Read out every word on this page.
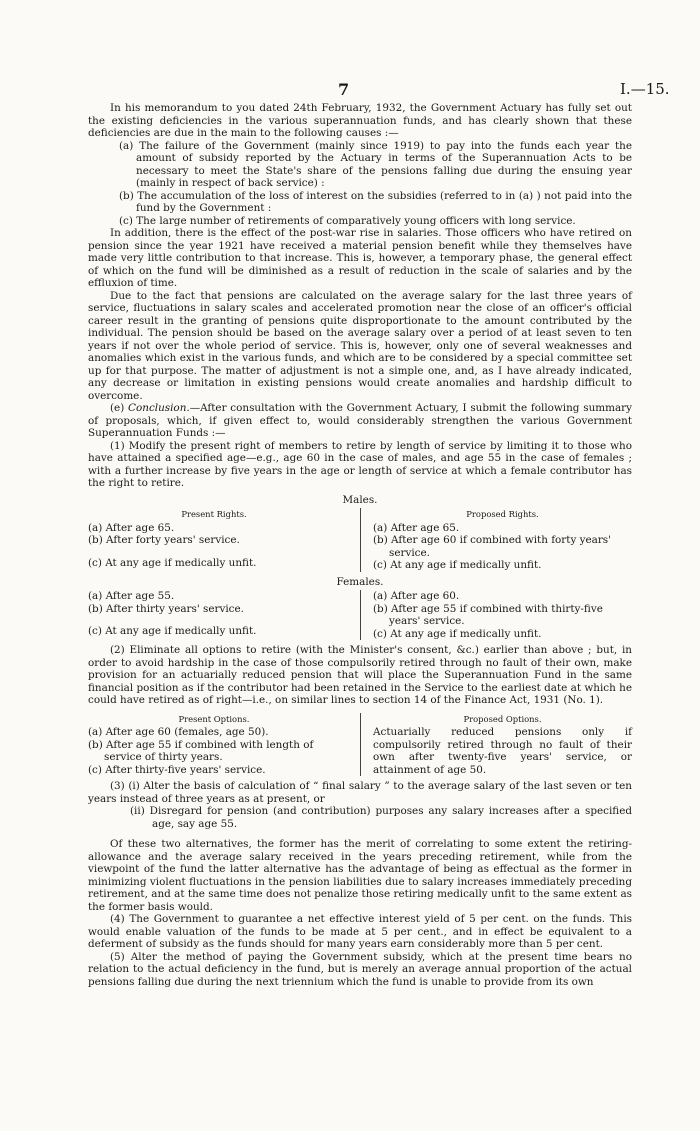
7	I.—15.

In his memorandum to you dated 24th February, 1932, the Government Actuary has fully set out the existing deficiencies in the various superannuation funds, and has clearly shown that these deficiencies are due in the main to the following causes :—

(a) The failure of the Government (mainly since 1919) to pay into the funds each year the amount of subsidy reported by the Actuary in terms of the Superannuation Acts to be necessary to meet the State's share of the pensions falling due during the ensuing year (mainly in respect of back service) :

(b) The accumulation of the loss of interest on the subsidies (referred to in (a) ) not paid into the fund by the Government :

(c) The large number of retirements of comparatively young officers with long service.

In addition, there is the effect of the post-war rise in salaries. Those officers who have retired on pension since the year 1921 have received a material pension benefit while they themselves have made very little contribution to that increase. This is, however, a temporary phase, the general effect of which on the fund will be diminished as a result of reduction in the scale of salaries and by the effluxion of time.

Due to the fact that pensions are calculated on the average salary for the last three years of service, fluctuations in salary scales and accelerated promotion near the close of an officer's official career result in the granting of pensions quite disproportionate to the amount contributed by the individual. The pension should be based on the average salary over a period of at least seven to ten years if not over the whole period of service. This is, however, only one of several weaknesses and anomalies which exist in the various funds, and which are to be considered by a special committee set up for that purpose. The matter of adjustment is not a simple one, and, as I have already indicated, any decrease or limitation in existing pensions would create anomalies and hardship difficult to overcome.

(e) Conclusion.—After consultation with the Government Actuary, I submit the following summary of proposals, which, if given effect to, would considerably strengthen the various Government Superannuation Funds :—

(1) Modify the present right of members to retire by length of service by limiting it to those who have attained a specified age—e.g., age 60 in the case of males, and age 55 in the case of females ; with a further increase by five years in the age or length of service at which a female contributor has the right to retire.

Males.
Present Rights.
(a) After age 65.
(b) After forty years' service.
(c) At any age if medically unfit.
Proposed Rights.
(a) After age 65.
(b) After age 60 if combined with forty years' service.
(c) At any age if medically unfit.
Females.
(a) After age 55.
(b) After thirty years' service.
(c) At any age if medically unfit.
(a) After age 60.
(b) After age 55 if combined with thirty-five years' service.
(c) At any age if medically unfit.

(2) Eliminate all options to retire (with the Minister's consent, &c.) earlier than above ; but, in order to avoid hardship in the case of those compulsorily retired through no fault of their own, make provision for an actuarially reduced pension that will place the Superannuation Fund in the same financial position as if the contributor had been retained in the Service to the earliest date at which he could have retired as of right—i.e., on similar lines to section 14 of the Finance Act, 1931 (No. 1).

Present Options.
(a) After age 60 (females, age 50).
(b) After age 55 if combined with length of service of thirty years.
(c) After thirty-five years' service.
Proposed Options.
Actuarially reduced pensions only if compulsorily retired through no fault of their own after twenty-five years' service, or attainment of age 50.

(3) (i) Alter the basis of calculation of “ final salary ” to the average salary of the last seven or ten years instead of three years as at present, or

(ii) Disregard for pension (and contribution) purposes any salary increases after a specified age, say age 55.

Of these two alternatives, the former has the merit of correlating to some extent the retiring-allowance and the average salary received in the years preceding retirement, while from the viewpoint of the fund the latter alternative has the advantage of being as effectual as the former in minimizing violent fluctuations in the pension liabilities due to salary increases immediately preceding retirement, and at the same time does not penalize those retiring medically unfit to the same extent as the former basis would.

(4) The Government to guarantee a net effective interest yield of 5 per cent. on the funds. This would enable valuation of the funds to be made at 5 per cent., and in effect be equivalent to a deferment of subsidy as the funds should for many years earn considerably more than 5 per cent.

(5) Alter the method of paying the Government subsidy, which at the present time bears no relation to the actual deficiency in the fund, but is merely an average annual proportion of the actual pensions falling due during the next triennium which the fund is unable to provide from its own
